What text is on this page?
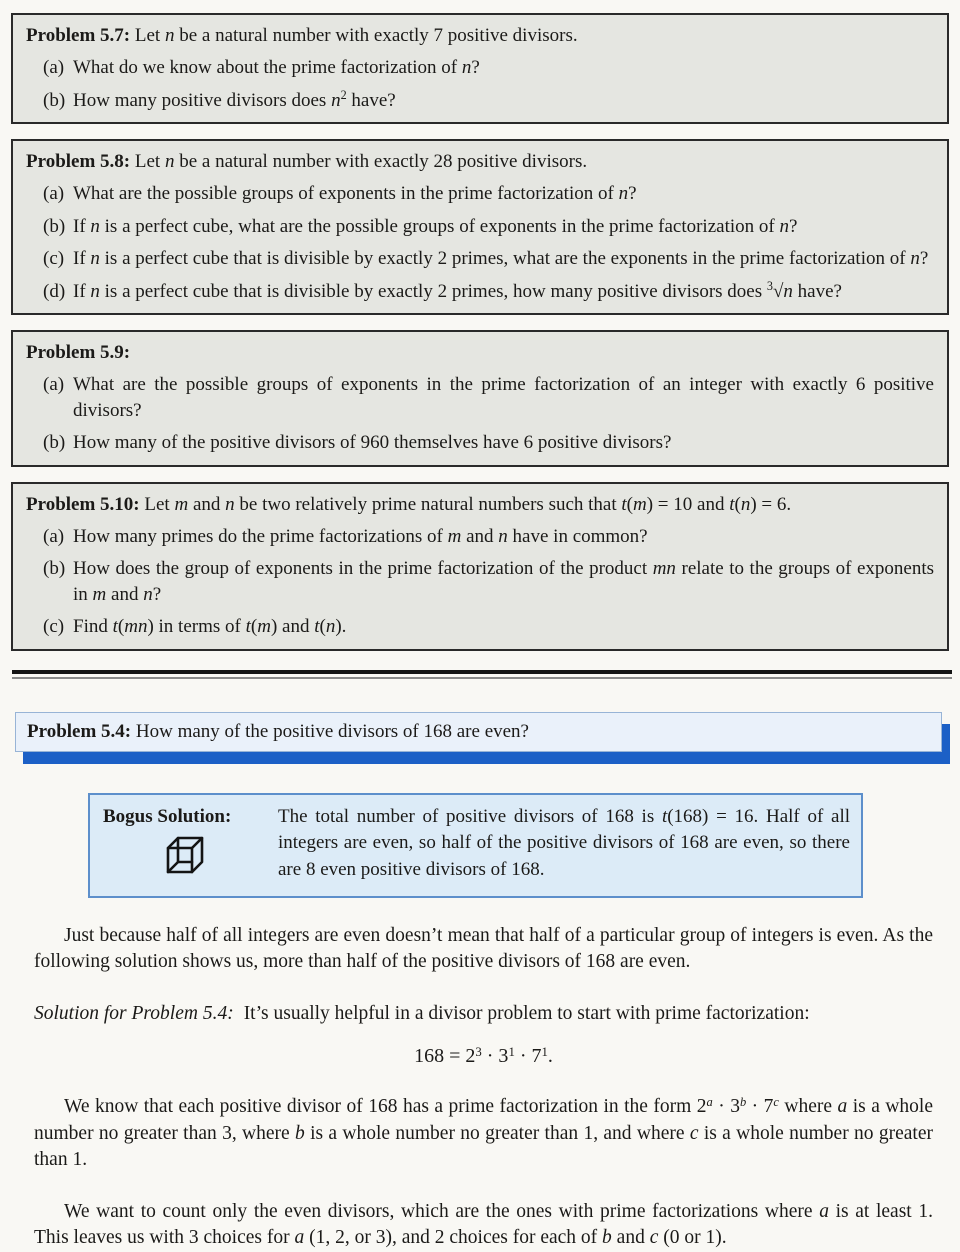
Problem 5.7: Let n be a natural number with exactly 7 positive divisors.

(a) What do we know about the prime factorization of n?
(b) How many positive divisors does $n^2$ have?

Problem 5.8: Let n be a natural number with exactly 28 positive divisors.

(a) What are the possible groups of exponents in the prime factorization of n?
(b) If n is a perfect cube, what are the possible groups of exponents in the prime factorization of n?
(c) If n is a perfect cube that is divisible by exactly 2 primes, what are the exponents in the prime factorization of n?
(d) If n is a perfect cube that is divisible by exactly 2 primes, how many positive divisors does $^3$√n have?

Problem 5.9:

(a) What are the possible groups of exponents in the prime factorization of an integer with exactly 6 positive divisors?
(b) How many of the positive divisors of 960 themselves have 6 positive divisors?

Problem 5.10: Let m and n be two relatively prime natural numbers such that t(m) = 10 and t(n) = 6.

(a) How many primes do the prime factorizations of m and n have in common?
(b) How does the group of exponents in the prime factorization of the product mn relate to the groups of exponents in m and n?
(c) Find t(mn) in terms of t(m) and t(n).
Problem 5.4: How many of the positive divisors of 168 are even?
Bogus Solution:	The total number of positive divisors of 168 is t(168) = 16. Half of all integers are even, so half of the positive divisors of 168 are even, so there are 8 even positive divisors of 168.

Just because half of all integers are even doesn’t mean that half of a particular group of integers is even. As the following solution shows us, more than half of the positive divisors of 168 are even.

Solution for Problem 5.4: It’s usually helpful in a divisor problem to start with prime factorization:

$168 = 2^3 \cdot 3^1 \cdot 7^1$.

We know that each positive divisor of 168 has a prime factorization in the form $2^a \cdot 3^b \cdot 7^c$ where a is a whole number no greater than 3, where b is a whole number no greater than 1, and where c is a whole number no greater than 1.

We want to count only the even divisors, which are the ones with prime factorizations where a is at least 1. This leaves us with 3 choices for a (1, 2, or 3), and 2 choices for each of b and c (0 or 1).
